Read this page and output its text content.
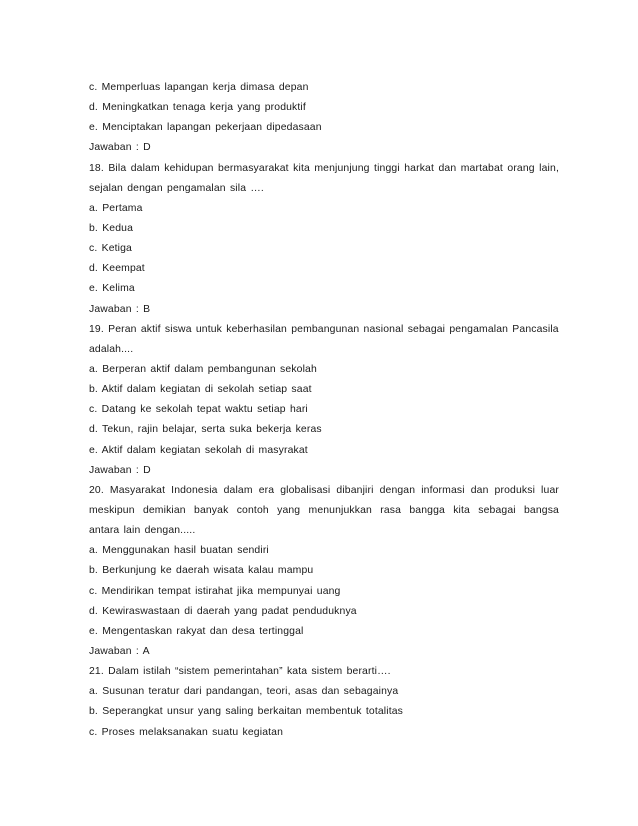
c. Memperluas lapangan kerja dimasa depan
d. Meningkatkan tenaga kerja yang produktif
e. Menciptakan lapangan pekerjaan dipedasaan
Jawaban : D
18. Bila dalam kehidupan bermasyarakat kita menjunjung tinggi harkat dan martabat orang lain,
sejalan dengan pengamalan sila ….
a. Pertama
b. Kedua
c. Ketiga
d. Keempat
e. Kelima
Jawaban : B
19. Peran aktif siswa untuk keberhasilan pembangunan nasional sebagai pengamalan Pancasila
adalah....
a. Berperan aktif dalam pembangunan sekolah
b. Aktif dalam kegiatan di sekolah setiap saat
c. Datang ke sekolah tepat waktu setiap hari
d. Tekun, rajin belajar, serta suka bekerja keras
e. Aktif dalam kegiatan sekolah di masyrakat
Jawaban : D
20. Masyarakat Indonesia dalam era globalisasi dibanjiri dengan informasi dan produksi luar
meskipun demikian banyak contoh yang menunjukkan rasa bangga kita sebagai bangsa
antara lain dengan.....
a. Menggunakan hasil buatan sendiri
b. Berkunjung ke daerah wisata kalau mampu
c. Mendirikan tempat istirahat jika mempunyai uang
d. Kewiraswastaan di daerah yang padat penduduknya
e. Mengentaskan rakyat dan desa tertinggal
Jawaban : A
21. Dalam istilah “sistem pemerintahan” kata sistem berarti….
a. Susunan teratur dari pandangan, teori, asas dan sebagainya
b. Seperangkat unsur yang saling berkaitan membentuk totalitas
c. Proses melaksanakan suatu kegiatan
